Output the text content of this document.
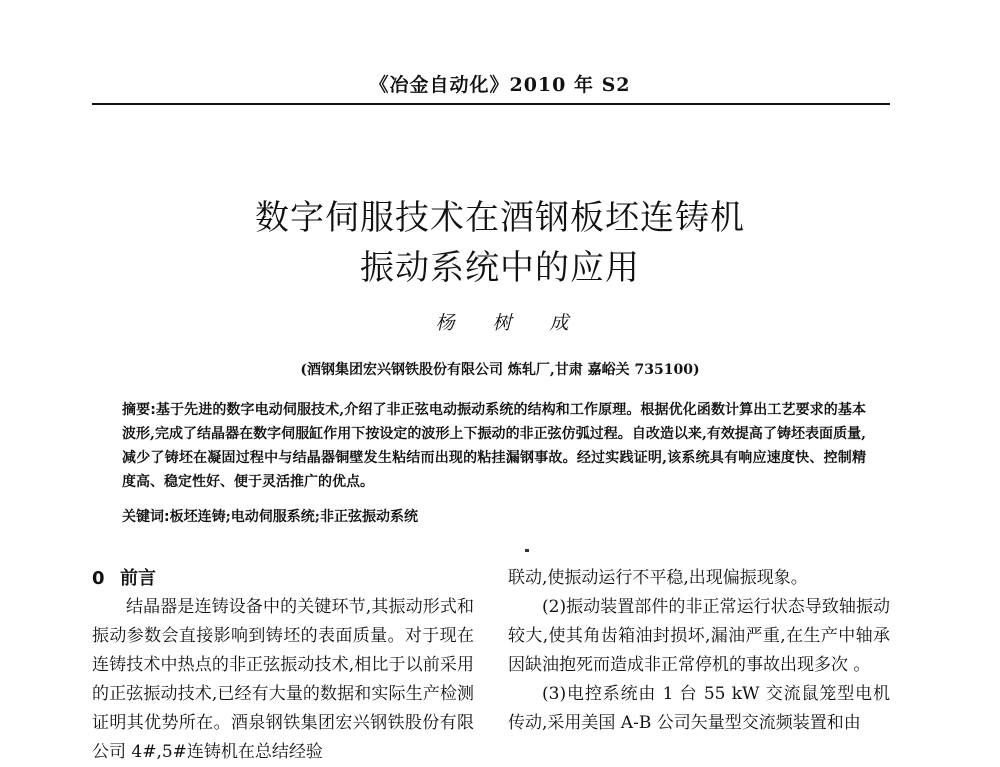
《冶金自动化》2010 年 S2
数字伺服技术在酒钢板坯连铸机
振动系统中的应用
杨 树 成
(酒钢集团宏兴钢铁股份有限公司 炼轧厂,甘肃 嘉峪关 735100)
摘要:基于先进的数字电动伺服技术,介绍了非正弦电动振动系统的结构和工作原理。根据优化函数计算出工艺要求的基本波形,完成了结晶器在数字伺服缸作用下按设定的波形上下振动的非正弦仿弧过程。自改造以来,有效提高了铸坯表面质量,减少了铸坯在凝固过程中与结晶器铜壁发生粘结而出现的粘挂漏钢事故。经过实践证明,该系统具有响应速度快、控制精度高、稳定性好、便于灵活推广的优点。
关键词:板坯连铸;电动伺服系统;非正弦振动系统
0 前言

结晶器是连铸设备中的关键环节,其振动形式和振动参数会直接影响到铸坯的表面质量。对于现在连铸技术中热点的非正弦振动技术,相比于以前采用的正弦振动技术,已经有大量的数据和实际生产检测证明其优势所在。酒泉钢铁集团宏兴钢铁股份有限公司 4#,5#连铸机在总结经验

联动,使振动运行不平稳,出现偏振现象。

(2)振动装置部件的非正常运行状态导致轴振动较大,使其角齿箱油封损坏,漏油严重,在生产中轴承因缺油抱死而造成非正常停机的事故出现多次 。

(3)电控系统由 1 台 55 kW 交流鼠笼型电机传动,采用美国 A-B 公司矢量型交流频装置和由
